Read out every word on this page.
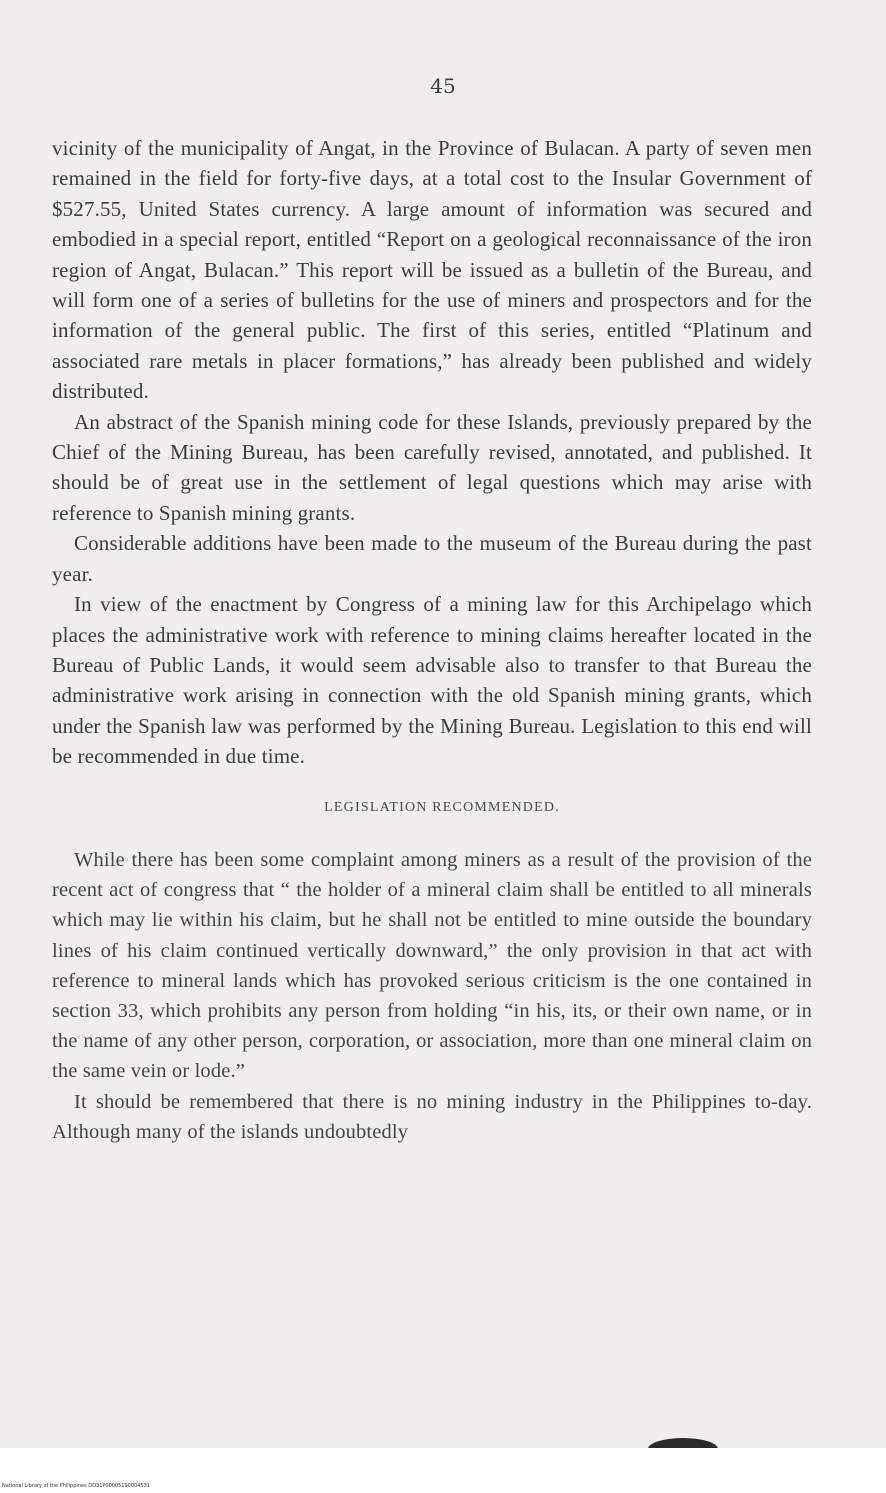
45

vicinity of the municipality of Angat, in the Province of Bulacan. A party of seven men remained in the field for forty-five days, at a total cost to the Insular Government of $527.55, United States currency. A large amount of information was secured and embodied in a special report, entitled “Report on a geological reconnaissance of the iron region of Angat, Bulacan.” This report will be issued as a bulletin of the Bureau, and will form one of a series of bulletins for the use of miners and prospectors and for the information of the general public. The first of this series, entitled “Platinum and associated rare metals in placer formations,” has already been published and widely distributed.

An abstract of the Spanish mining code for these Islands, previously prepared by the Chief of the Mining Bureau, has been carefully revised, annotated, and published. It should be of great use in the settlement of legal questions which may arise with reference to Spanish mining grants.

Considerable additions have been made to the museum of the Bureau during the past year.

In view of the enactment by Congress of a mining law for this Archipelago which places the administrative work with reference to mining claims hereafter located in the Bureau of Public Lands, it would seem advisable also to transfer to that Bureau the administrative work arising in connection with the old Spanish mining grants, which under the Spanish law was performed by the Mining Bureau. Legislation to this end will be recommended in due time.

LEGISLATION RECOMMENDED.

While there has been some complaint among miners as a result of the provision of the recent act of congress that “ the holder of a mineral claim shall be entitled to all minerals which may lie within his claim, but he shall not be entitled to mine outside the boundary lines of his claim continued vertically downward,” the only provision in that act with reference to mineral lands which has provoked serious criticism is the one contained in section 33, which prohibits any person from holding “in his, its, or their own name, or in the name of any other person, corporation, or association, more than one mineral claim on the same vein or lode.”

It should be remembered that there is no mining industry in the Philippines to-day. Although many of the islands undoubtedly

National Library of the Philippines DO31P00005190004531
